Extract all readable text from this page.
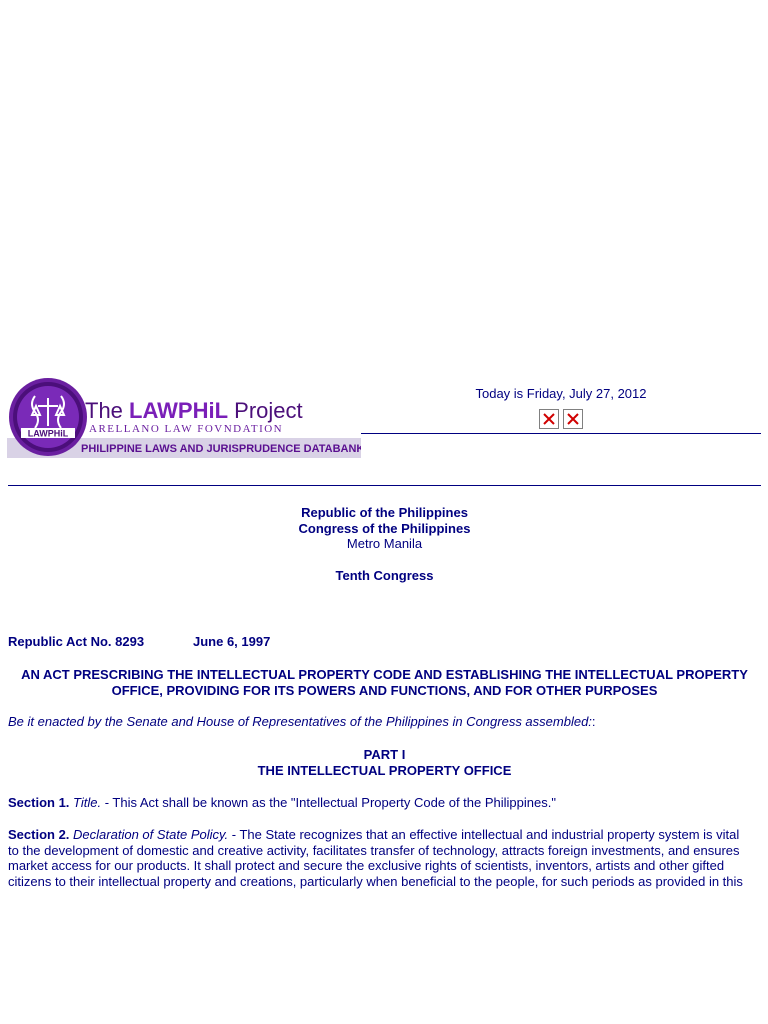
LAWPHiL
The LAWPHiL Project
ARELLANO LAW FOVNDATION
PHILIPPINE LAWS AND JURISPRUDENCE DATABANK
Today is Friday, July 27, 2012

Republic of the Philippines

Congress of the Philippines

Metro Manila

Tenth Congress
Republic Act No. 8293	June 6, 1997

AN ACT PRESCRIBING THE INTELLECTUAL PROPERTY CODE AND ESTABLISHING THE INTELLECTUAL PROPERTY

OFFICE, PROVIDING FOR ITS POWERS AND FUNCTIONS, AND FOR OTHER PURPOSES

Be it enacted by the Senate and House of Representatives of the Philippines in Congress assembled::

PART I

THE INTELLECTUAL PROPERTY OFFICE

Section 1. Title. - This Act shall be known as the "Intellectual Property Code of the Philippines."

Section 2. Declaration of State Policy. - The State recognizes that an effective intellectual and industrial property system is vital

to the development of domestic and creative activity, facilitates transfer of technology, attracts foreign investments, and ensures

market access for our products. It shall protect and secure the exclusive rights of scientists, inventors, artists and other gifted

citizens to their intellectual property and creations, particularly when beneficial to the people, for such periods as provided in this
